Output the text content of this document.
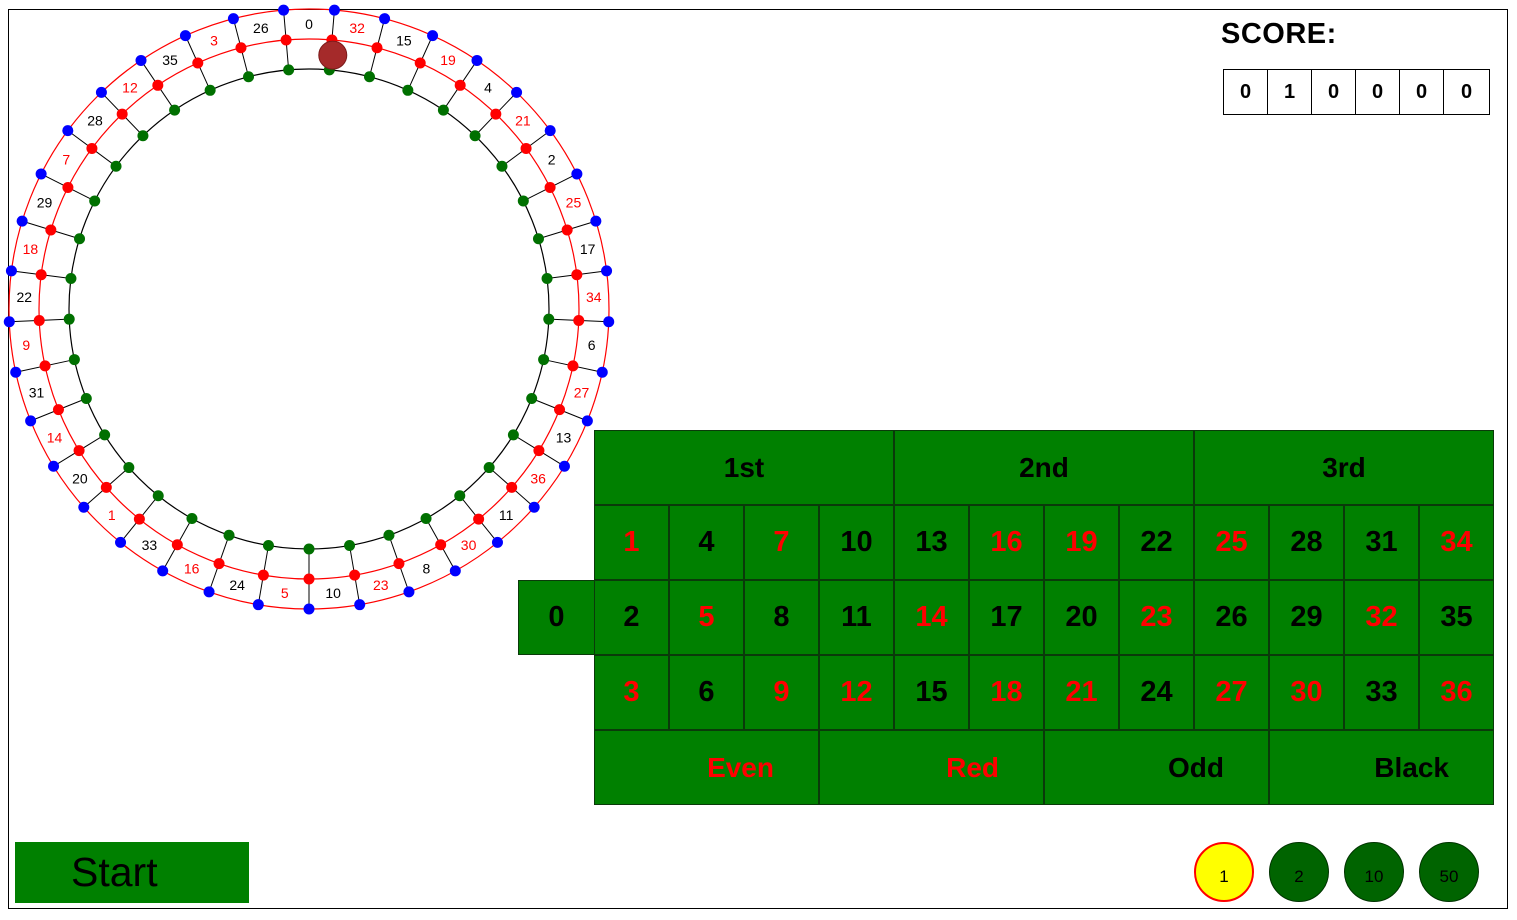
0	32
15
19
4
21
2
25
17
34
6
27
13
36
11
30
8
23
10
5
24
16
33
1
20
14
31
9
22
18
29
7
28
12
35
3
26	SCORE:
0	1	0	0	0	0
1st	2nd	3rd
1	4	7	10	13	16	19	22	25	28	31	34
2	5	8	11	14	17	20	23	26	29	32	35
3	6	9	12	15	18	21	24	27	30	33	36
0
Even	Red	Odd	Black
Start	1	2	10	50
